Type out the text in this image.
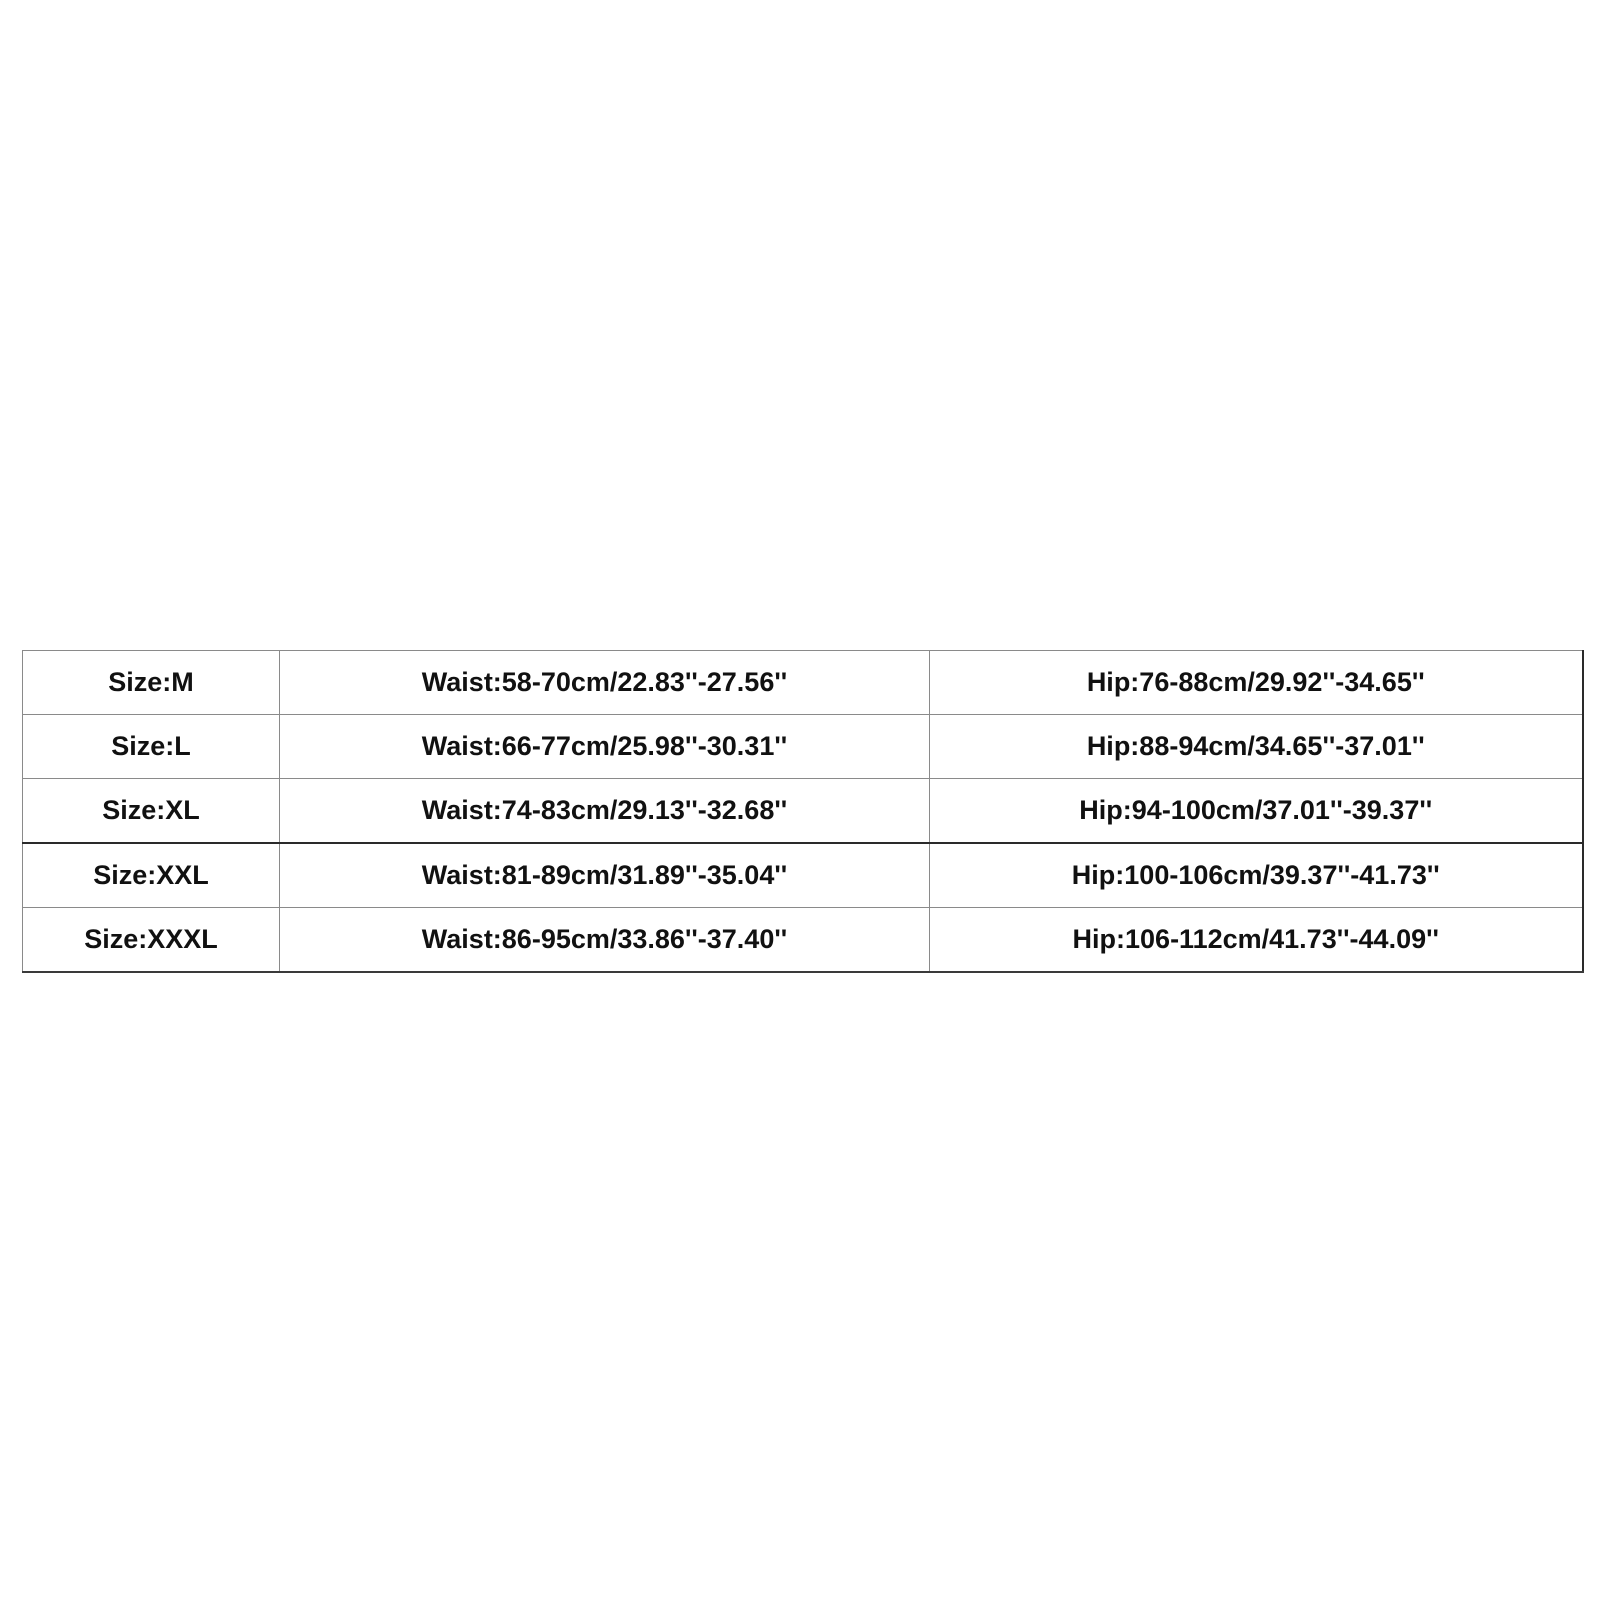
Size:M	Waist:58-70cm/22.83''-27.56''	Hip:76-88cm/29.92''-34.65''
Size:L	Waist:66-77cm/25.98''-30.31''	Hip:88-94cm/34.65''-37.01''
Size:XL	Waist:74-83cm/29.13''-32.68''	Hip:94-100cm/37.01''-39.37''
Size:XXL	Waist:81-89cm/31.89''-35.04''	Hip:100-106cm/39.37''-41.73''
Size:XXXL	Waist:86-95cm/33.86''-37.40''	Hip:106-112cm/41.73''-44.09''
